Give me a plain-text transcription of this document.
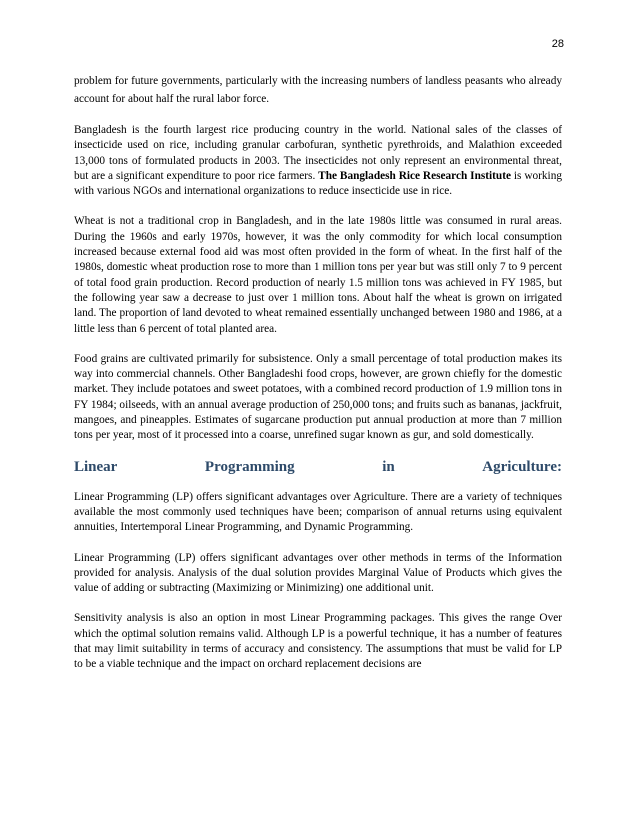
28

problem for future governments, particularly with the increasing numbers of landless peasants who already account for about half the rural labor force.

Bangladesh is the fourth largest rice producing country in the world. National sales of the classes of insecticide used on rice, including granular carbofuran, synthetic pyrethroids, and Malathion exceeded 13,000 tons of formulated products in 2003. The insecticides not only represent an environmental threat, but are a significant expenditure to poor rice farmers. The Bangladesh Rice Research Institute is working with various NGOs and international organizations to reduce insecticide use in rice.

Wheat is not a traditional crop in Bangladesh, and in the late 1980s little was consumed in rural areas. During the 1960s and early 1970s, however, it was the only commodity for which local consumption increased because external food aid was most often provided in the form of wheat. In the first half of the 1980s, domestic wheat production rose to more than 1 million tons per year but was still only 7 to 9 percent of total food grain production. Record production of nearly 1.5 million tons was achieved in FY 1985, but the following year saw a decrease to just over 1 million tons. About half the wheat is grown on irrigated land. The proportion of land devoted to wheat remained essentially unchanged between 1980 and 1986, at a little less than 6 percent of total planted area.

Food grains are cultivated primarily for subsistence. Only a small percentage of total production makes its way into commercial channels. Other Bangladeshi food crops, however, are grown chiefly for the domestic market. They include potatoes and sweet potatoes, with a combined record production of 1.9 million tons in FY 1984; oilseeds, with an annual average production of 250,000 tons; and fruits such as bananas, jackfruit, mangoes, and pineapples. Estimates of sugarcane production put annual production at more than 7 million tons per year, most of it processed into a coarse, unrefined sugar known as gur, and sold domestically.

Linear	Programming	in	Agriculture:

Linear Programming (LP) offers significant advantages over Agriculture. There are a variety of techniques available the most commonly used techniques have been; comparison of annual returns using equivalent annuities, Intertemporal Linear Programming, and Dynamic Programming.

Linear Programming (LP) offers significant advantages over other methods in terms of the Information provided for analysis. Analysis of the dual solution provides Marginal Value of Products which gives the value of adding or subtracting (Maximizing or Minimizing) one additional unit.

Sensitivity analysis is also an option in most Linear Programming packages. This gives the range Over which the optimal solution remains valid. Although LP is a powerful technique, it has a number of features that may limit suitability in terms of accuracy and consistency. The assumptions that must be valid for LP to be a viable technique and the impact on orchard replacement decisions are
